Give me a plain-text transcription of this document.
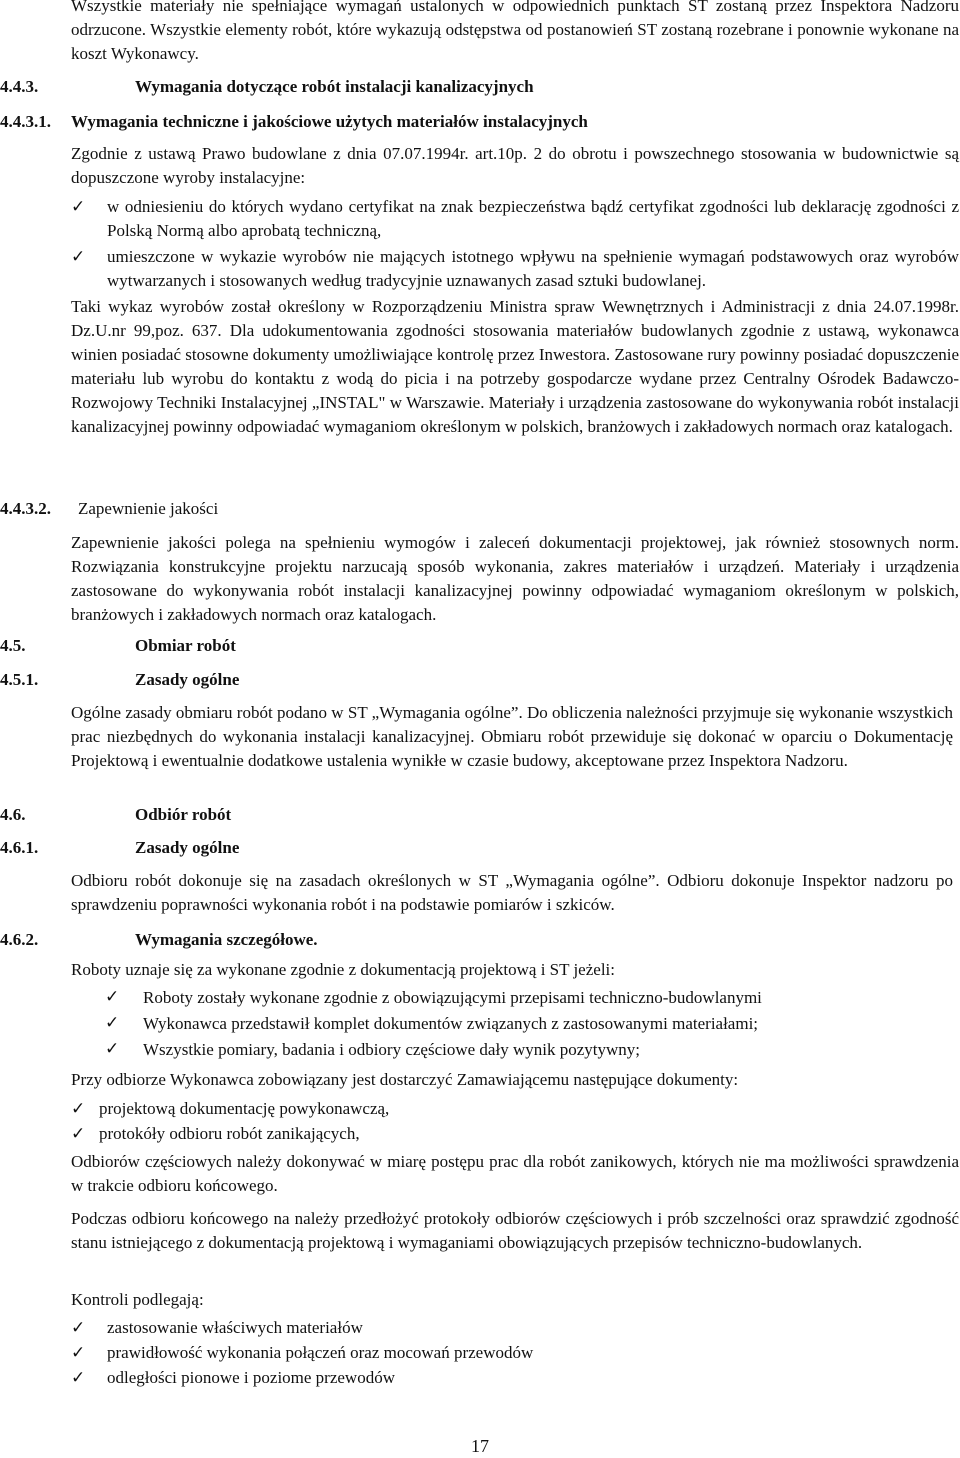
Wszystkie materiały nie spełniające wymagań ustalonych w odpowiednich punktach ST zostaną przez Inspektora Nadzoru odrzucone. Wszystkie elementy robót, które wykazują odstępstwa od postanowień ST zostaną rozebrane i ponownie wykonane na koszt Wykonawcy.
4.4.3.	Wymagania dotyczące robót instalacji kanalizacyjnych
4.4.3.1. Wymagania techniczne i jakościowe użytych materiałów instalacyjnych
Zgodnie z ustawą Prawo budowlane z dnia 07.07.1994r. art.10p. 2 do obrotu i powszechnego stosowania w budownictwie są dopuszczone wyroby instalacyjne:
✓ w odniesieniu do których wydano certyfikat na znak bezpieczeństwa bądź certyfikat zgodności lub deklarację zgodności z Polską Normą albo aprobatą techniczną,
✓ umieszczone w wykazie wyrobów nie mających istotnego wpływu na spełnienie wymagań podstawowych oraz wyrobów wytwarzanych i stosowanych według tradycyjnie uznawanych zasad sztuki budowlanej.
Taki wykaz wyrobów został określony w Rozporządzeniu Ministra spraw Wewnętrznych i Administracji z dnia 24.07.1998r. Dz.U.nr 99,poz. 637. Dla udokumentowania zgodności stosowania materiałów budowlanych zgodnie z ustawą, wykonawca winien posiadać stosowne dokumenty umożliwiające kontrolę przez Inwestora. Zastosowane rury powinny posiadać dopuszczenie materiału lub wyrobu do kontaktu z wodą do picia i na potrzeby gospodarcze wydane przez Centralny Ośrodek Badawczo-Rozwojowy Techniki Instalacyjnej „INSTAL" w Warszawie. Materiały i urządzenia zastosowane do wykonywania robót instalacji kanalizacyjnej powinny odpowiadać wymaganiom określonym w polskich, branżowych i zakładowych normach oraz katalogach.
4.4.3.2. Zapewnienie jakości
Zapewnienie jakości polega na spełnieniu wymogów i zaleceń dokumentacji projektowej, jak również stosownych norm. Rozwiązania konstrukcyjne projektu narzucają sposób wykonania, zakres materiałów i urządzeń. Materiały i urządzenia zastosowane do wykonywania robót instalacji kanalizacyjnej powinny odpowiadać wymaganiom określonym w polskich, branżowych i zakładowych normach oraz katalogach.
4.5.	Obmiar robót
4.5.1.	Zasady ogólne
Ogólne zasady obmiaru robót podano w ST „Wymagania ogólne”. Do obliczenia należności przyjmuje się wykonanie wszystkich prac niezbędnych do wykonania instalacji kanalizacyjnej. Obmiaru robót przewiduje się dokonać w oparciu o Dokumentację Projektową i ewentualnie dodatkowe ustalenia wynikłe w czasie budowy, akceptowane przez Inspektora Nadzoru.
4.6.	Odbiór robót
4.6.1.	Zasady ogólne
Odbioru robót dokonuje się na zasadach określonych w ST „Wymagania ogólne”. Odbioru dokonuje Inspektor nadzoru po sprawdzeniu poprawności wykonania robót i na podstawie pomiarów i szkiców.
4.6.2.	Wymagania szczegółowe.
Roboty uznaje się za wykonane zgodnie z dokumentacją projektową i ST jeżeli:
✓ Roboty zostały wykonane zgodnie z obowiązującymi przepisami techniczno-budowlanymi
✓ Wykonawca przedstawił komplet dokumentów związanych z zastosowanymi materiałami;
✓ Wszystkie pomiary, badania i odbiory częściowe dały wynik pozytywny;
Przy odbiorze Wykonawca zobowiązany jest dostarczyć Zamawiającemu następujące dokumenty:
✓ projektową dokumentację powykonawczą,
✓ protokóły odbioru robót zanikających,
Odbiorów częściowych należy dokonywać w miarę postępu prac dla robót zanikowych, których nie ma możliwości sprawdzenia w trakcie odbioru końcowego.
Podczas odbioru końcowego na należy przedłożyć protokoły odbiorów częściowych i prób szczelności oraz sprawdzić zgodność stanu istniejącego z dokumentacją projektową i wymaganiami obowiązujących przepisów techniczno-budowlanych.
Kontroli podlegają:
✓ zastosowanie właściwych materiałów
✓ prawidłowość wykonania połączeń oraz mocowań przewodów
✓ odległości pionowe i poziome przewodów
17
